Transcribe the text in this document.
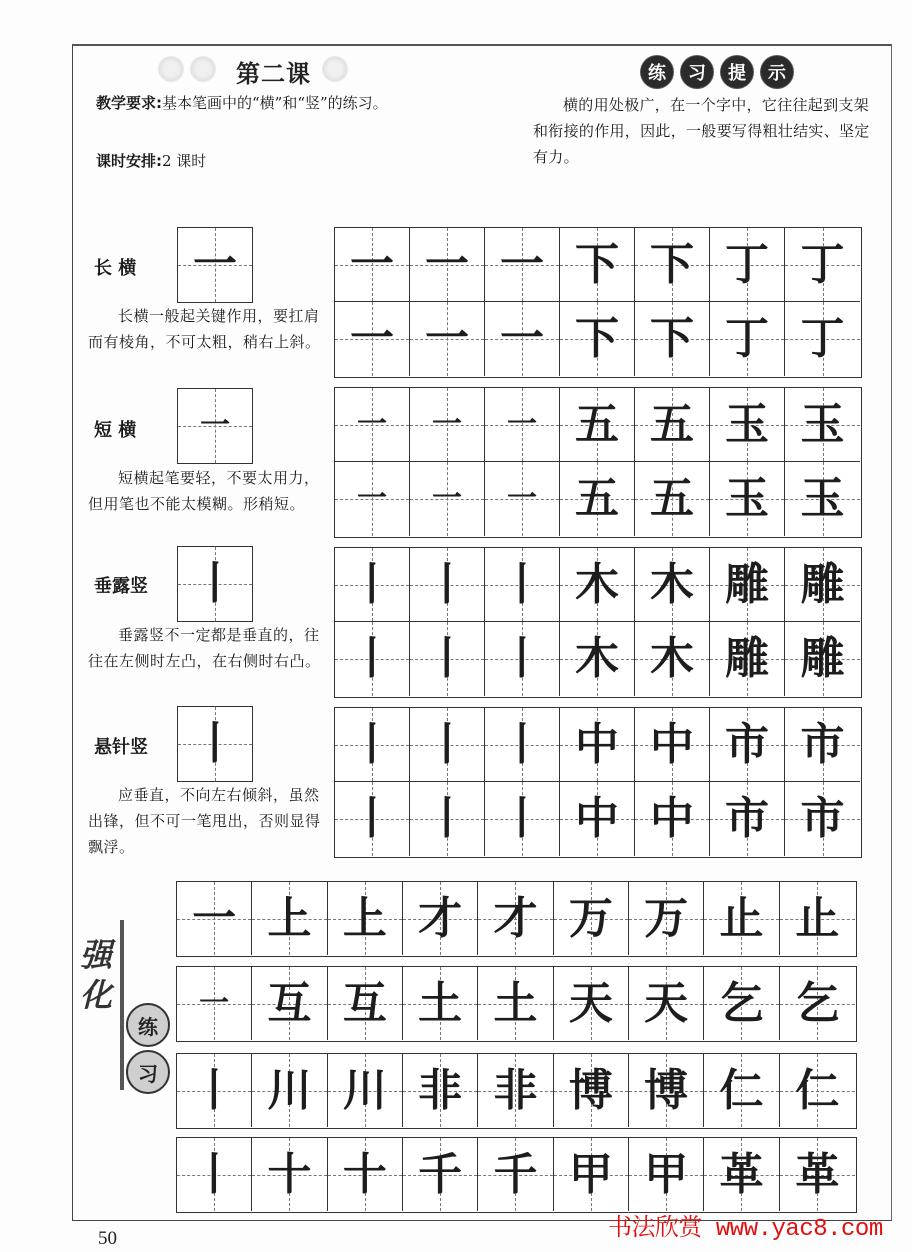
第二课
教学要求:基本笔画中的“横”和“竖”的练习。
课时安排:2 课时
练	习	提	示
横的用处极广，在一个字中，它往往起到支架和衔接的作用，因此，一般要写得粗壮结实、坚定有力。
长 横	一
长横一般起关键作用，要扛肩而有棱角，不可太粗，稍右上斜。
短 横	一
短横起笔要轻，不要太用力，但用笔也不能太模糊。形稍短。
垂露竖	丨
垂露竖不一定都是垂直的，往往在左侧时左凸，在右侧时右凸。
悬针竖	丨
应垂直，不向左右倾斜，虽然出锋，但不可一笔甩出，否则显得飘浮。
一 一 一 下 下 丁 丁
一 一 一 下 下 丁 丁
一	一	一 五 五 玉 玉
一	一	一 五 五 玉 玉
丨 丨 丨 木 木 雕 雕
丨 丨 丨 木 木 雕 雕
丨 丨 丨 中 中 市 市
丨 丨 丨 中 中 市 市
强化
练
习
一 上 上 才 才 万 万 止 止
一 互 互 土 土 天 天 乞 乞
丨 川 川 非 非 博 博 仁 仁
丨 十 十 千 千 甲 甲 革 革
50	书法欣赏 www.yac8.com
